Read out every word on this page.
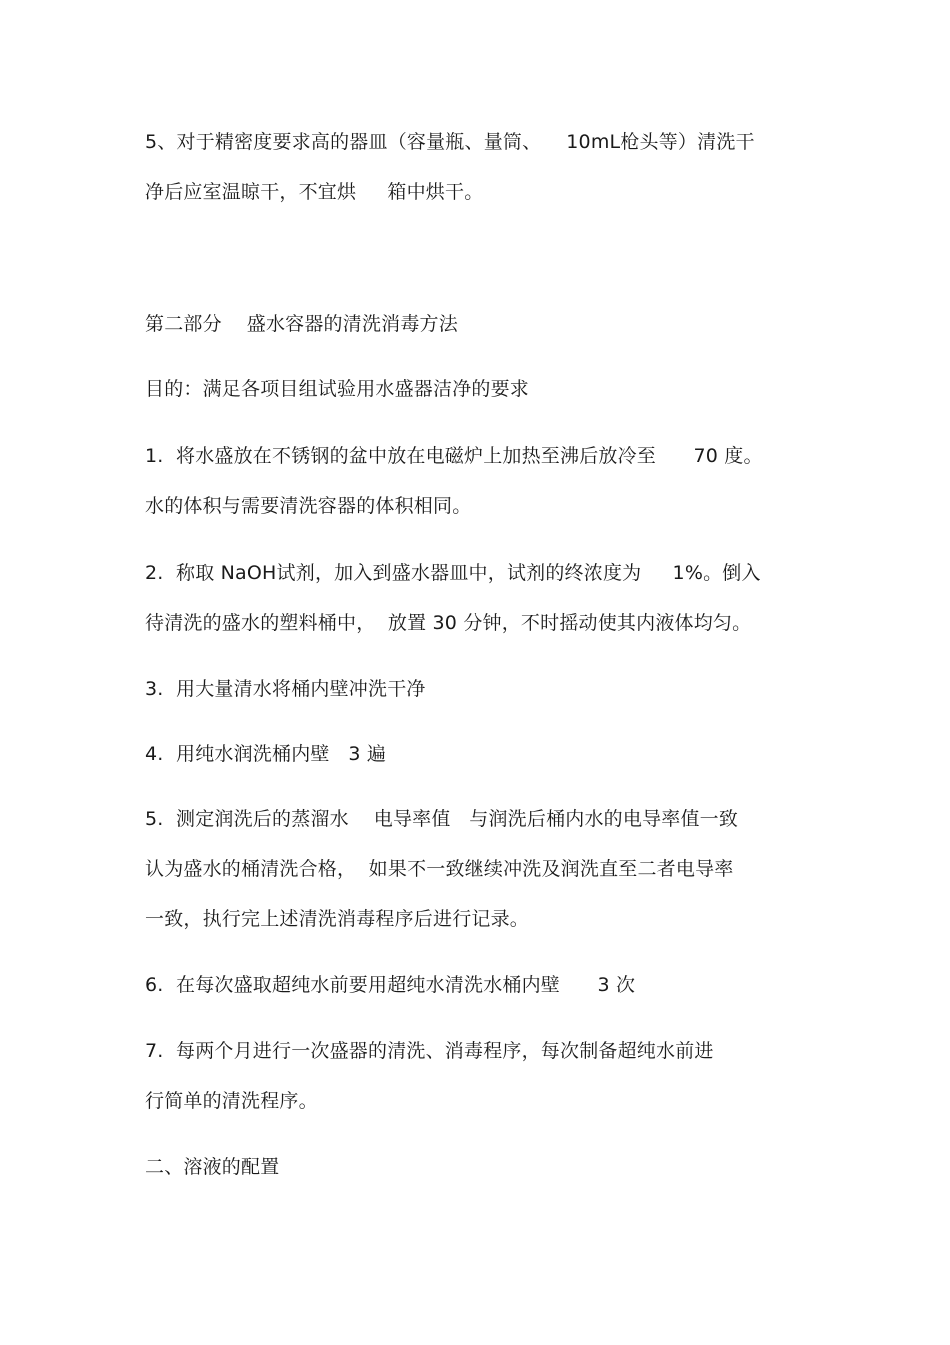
5、对于精密度要求高的器皿（容量瓶、量筒、    10mL枪头等）清洗干
净后应室温晾干，不宜烘     箱中烘干。
第二部分    盛水容器的清洗消毒方法
目的：满足各项目组试验用水盛器洁净的要求
1.  将水盛放在不锈钢的盆中放在电磁炉上加热至沸后放冷至      70 度。
水的体积与需要清洗容器的体积相同。
2.  称取 NaOH试剂，加入到盛水器皿中，试剂的终浓度为     1%。倒入
待清洗的盛水的塑料桶中，  放置 30 分钟，不时摇动使其内液体均匀。
3.  用大量清水将桶内壁冲洗干净
4.  用纯水润洗桶内壁   3 遍
5.  测定润洗后的蒸溜水    电导率值   与润洗后桶内水的电导率值一致
认为盛水的桶清洗合格，  如果不一致继续冲洗及润洗直至二者电导率
一致，执行完上述清洗消毒程序后进行记录。
6.  在每次盛取超纯水前要用超纯水清洗水桶内壁      3 次
7.  每两个月进行一次盛器的清洗、消毒程序，每次制备超纯水前进
行简单的清洗程序。
二、溶液的配置
